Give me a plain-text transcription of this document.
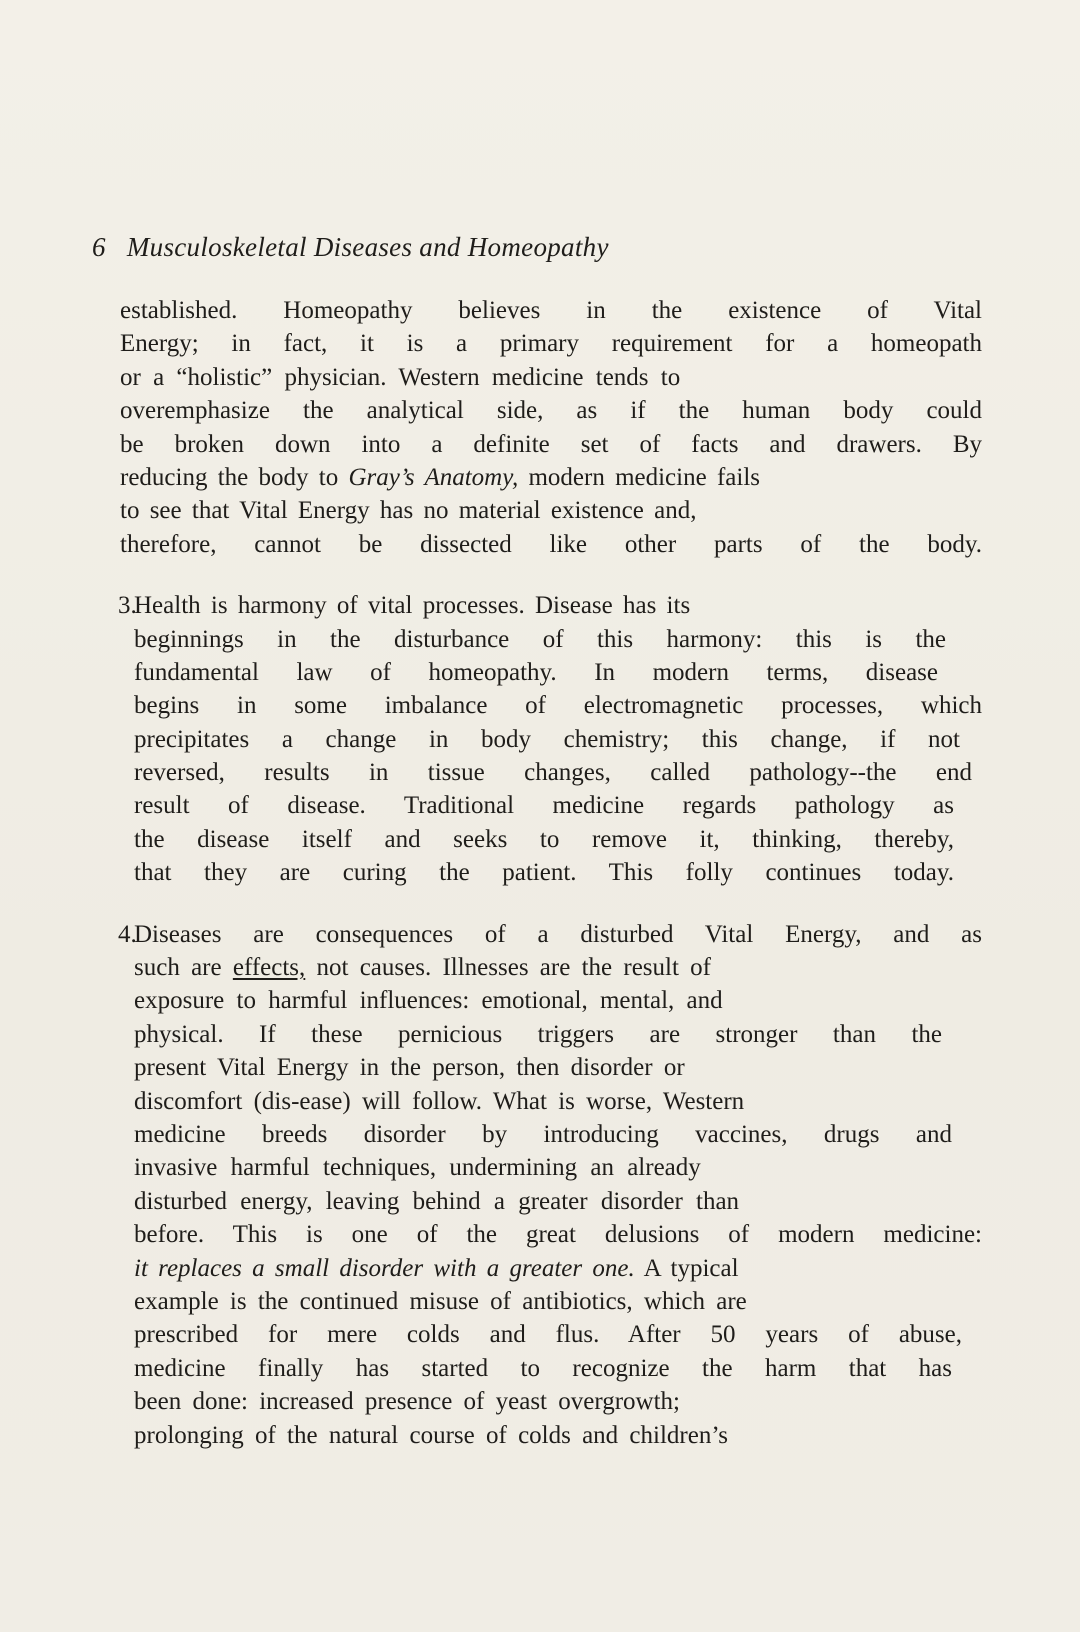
6 Musculoskeletal Diseases and Homeopathy
established. Homeopathy believes in the existence of Vital
Energy; in fact, it is a primary requirement for a homeopath
or a “holistic” physician. Western medicine tends to
overemphasize the analytical side, as if the human body could
be broken down into a definite set of facts and drawers. By
reducing the body to Gray’s Anatomy, modern medicine fails
to see that Vital Energy has no material existence and,
therefore, cannot be dissected like other parts of the body.
3.
Health is harmony of vital processes. Disease has its
beginnings in the disturbance of this harmony: this is the
fundamental law of homeopathy. In modern terms, disease
begins in some imbalance of electromagnetic processes, which
precipitates a change in body chemistry; this change, if not
reversed, results in tissue changes, called pathology--the end
result of disease. Traditional medicine regards pathology as
the disease itself and seeks to remove it, thinking, thereby,
that they are curing the patient. This folly continues today.
4.
Diseases are consequences of a disturbed Vital Energy, and as
such are effects, not causes. Illnesses are the result of
exposure to harmful influences: emotional, mental, and
physical. If these pernicious triggers are stronger than the
present Vital Energy in the person, then disorder or
discomfort (dis-ease) will follow. What is worse, Western
medicine breeds disorder by introducing vaccines, drugs and
invasive harmful techniques, undermining an already
disturbed energy, leaving behind a greater disorder than
before. This is one of the great delusions of modern medicine:
it replaces a small disorder with a greater one. A typical
example is the continued misuse of antibiotics, which are
prescribed for mere colds and flus. After 50 years of abuse,
medicine finally has started to recognize the harm that has
been done: increased presence of yeast overgrowth;
prolonging of the natural course of colds and children’s
